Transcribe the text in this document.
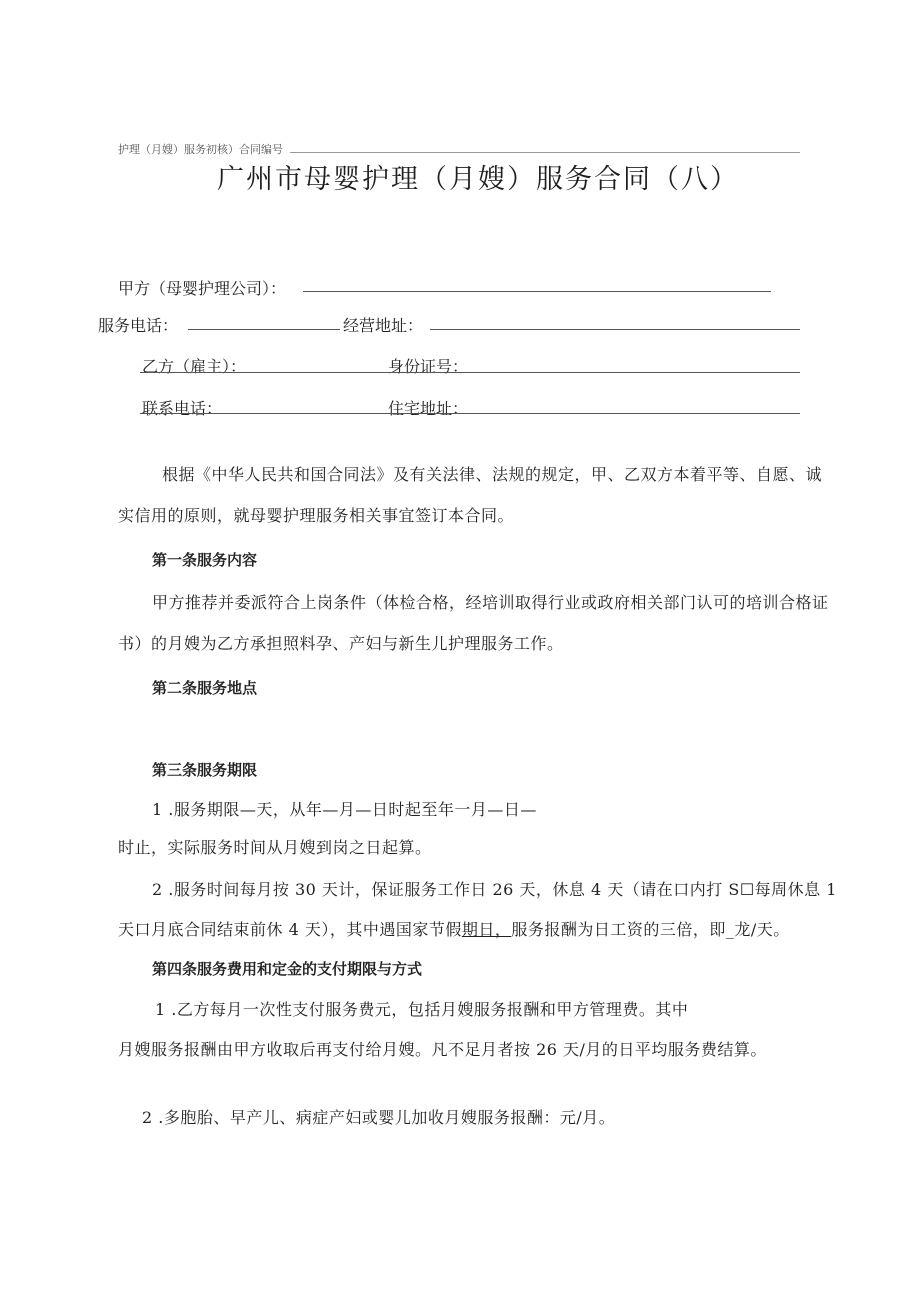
护理（月嫂）服务初核）合同编号
广州市母婴护理（月嫂）服务合同（八）
甲方（母婴护理公司）：
服务电话：	经营地址：
乙方（雇主）：	身份证号：
联系电话：	住宅地址：
根据《中华人民共和国合同法》及有关法律、法规的规定，甲、乙双方本着平等、自愿、诚
实信用的原则，就母婴护理服务相关事宜签订本合同。
第一条服务内容
甲方推荐并委派符合上岗条件（体检合格，经培训取得行业或政府相关部门认可的培训合格证
书）的月嫂为乙方承担照料孕、产妇与新生儿护理服务工作。
第二条服务地点
第三条服务期限
1 .服务期限—天，从年—月—日时起至年一月—日—
时止，实际服务时间从月嫂到岗之日起算。
2 .服务时间每月按 30 天计，保证服务工作日 26 天，休息 4 天（请在口内打 S☐每周休息 1
天口月底合同结束前休 4 天），其中遇国家节假期日，服务报酬为日工资的三倍，即_龙/天。
第四条服务费用和定金的支付期限与方式
1 .乙方每月一次性支付服务费元，包括月嫂服务报酬和甲方管理费。其中
月嫂服务报酬由甲方收取后再支付给月嫂。凡不足月者按 26 天/月的日平均服务费结算。
2 .多胞胎、早产儿、病症产妇或婴儿加收月嫂服务报酬：元/月。
